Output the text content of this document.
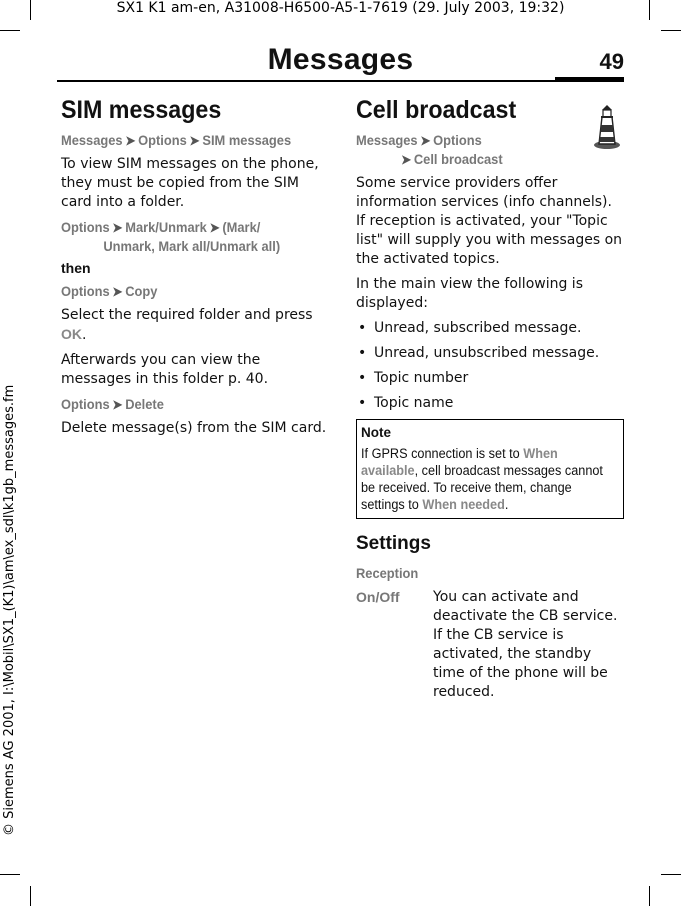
SX1 K1 am-en, A31008-H6500-A5-1-7619 (29. July 2003, 19:32)
© Siemens AG 2001, I:\Mobil\SX1_(K1)\am\ex_sdl\k1gb_messages.fm
Messages	49
SIM messages
Messages ➤ Options ➤ SIM messages
To view SIM messages on the phone, they must be copied from the SIM card into a folder.
Options ➤ Mark/Unmark ➤ (Mark/
Unmark, Mark all/Unmark all)
then
Options ➤ Copy
Select the required folder and press OK.
Afterwards you can view the messages in this folder p. 40.
Options ➤ Delete
Delete message(s) from the SIM card.
Cell broadcast
Messages ➤ Options
➤ Cell broadcast
Some service providers offer information services (info channels). If reception is activated, your "Topic list" will supply you with messages on the activated topics.
In the main view the following is displayed:
• Unread, subscribed message.
• Unread, unsubscribed message.
• Topic number
• Topic name
Note
If GPRS connection is set to When available, cell broadcast messages cannot be received. To receive them, change settings to When needed.
Settings
Reception
On/Off	You can activate and deactivate the CB service. If the CB service is activated, the standby time of the phone will be reduced.
